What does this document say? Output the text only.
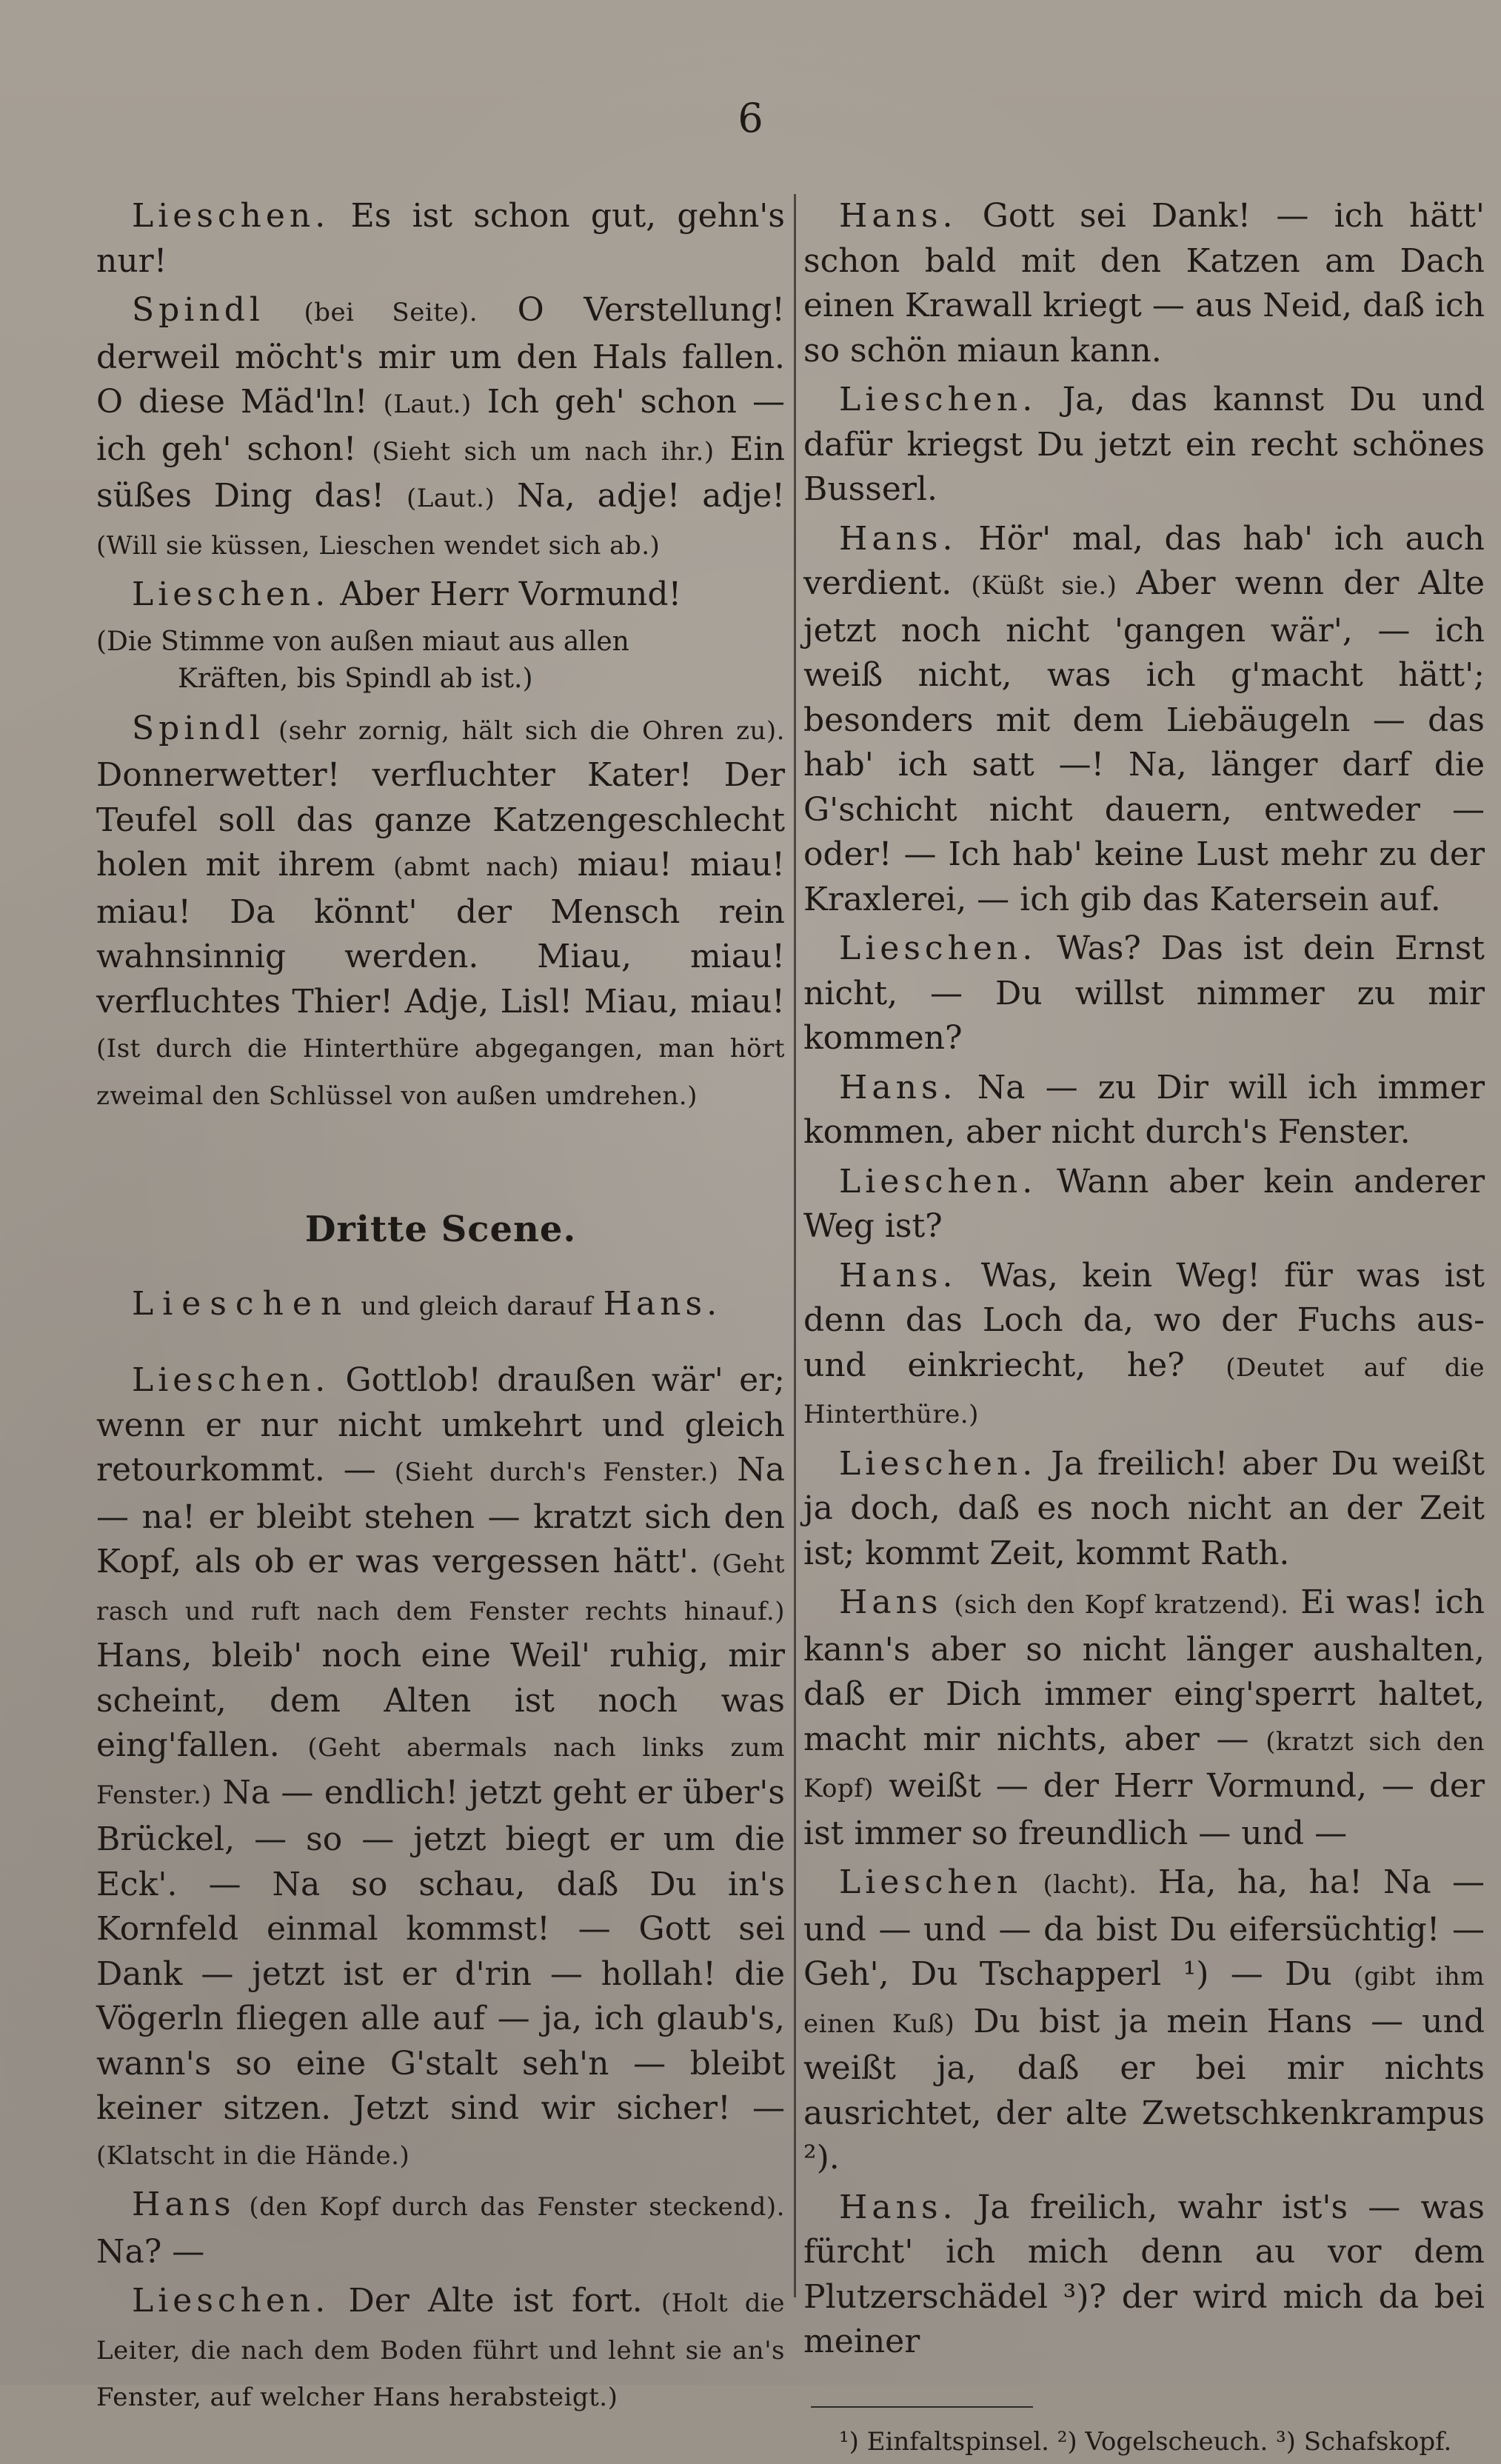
6

Lieschen. Es ist schon gut, gehn's nur!

Spindl (bei Seite). O Verstellung! derweil möcht's mir um den Hals fallen. O diese Mäd'ln! (Laut.) Ich geh' schon — ich geh' schon! (Sieht sich um nach ihr.) Ein süßes Ding das! (Laut.) Na, adje! adje! (Will sie küssen, Lieschen wendet sich ab.)

Lieschen. Aber Herr Vormund!

(Die Stimme von außen miaut aus allen
Kräften, bis Spindl ab ist.)

Spindl (sehr zornig, hält sich die Ohren zu). Donnerwetter! verfluchter Kater! Der Teufel soll das ganze Katzengeschlecht holen mit ihrem (abmt nach) miau! miau! miau! Da könnt' der Mensch rein wahnsinnig werden. Miau, miau! verfluchtes Thier! Adje, Lisl! Miau, miau! (Ist durch die Hinterthüre abgegangen, man hört zweimal den Schlüssel von außen umdrehen.)

Dritte Scene.

Lieschen und gleich darauf Hans.

Lieschen. Gottlob! draußen wär' er; wenn er nur nicht umkehrt und gleich retourkommt. — (Sieht durch's Fenster.) Na — na! er bleibt stehen — kratzt sich den Kopf, als ob er was vergessen hätt'. (Geht rasch und ruft nach dem Fenster rechts hinauf.) Hans, bleib' noch eine Weil' ruhig, mir scheint, dem Alten ist noch was eing'fallen. (Geht abermals nach links zum Fenster.) Na — endlich! jetzt geht er über's Brückel, — so — jetzt biegt er um die Eck'. — Na so schau, daß Du in's Kornfeld einmal kommst! — Gott sei Dank — jetzt ist er d'rin — hollah! die Vögerln fliegen alle auf — ja, ich glaub's, wann's so eine G'stalt seh'n — bleibt keiner sitzen. Jetzt sind wir sicher! — (Klatscht in die Hände.)

Hans (den Kopf durch das Fenster steckend). Na? —

Lieschen. Der Alte ist fort. (Holt die Leiter, die nach dem Boden führt und lehnt sie an's Fenster, auf welcher Hans herabsteigt.)

Hans. Gott sei Dank! — ich hätt' schon bald mit den Katzen am Dach einen Krawall kriegt — aus Neid, daß ich so schön miaun kann.

Lieschen. Ja, das kannst Du und dafür kriegst Du jetzt ein recht schönes Busserl.

Hans. Hör' mal, das hab' ich auch verdient. (Küßt sie.) Aber wenn der Alte jetzt noch nicht 'gangen wär', — ich weiß nicht, was ich g'macht hätt'; besonders mit dem Liebäugeln — das hab' ich satt —! Na, länger darf die G'schicht nicht dauern, entweder — oder! — Ich hab' keine Lust mehr zu der Kraxlerei, — ich gib das Katersein auf.

Lieschen. Was? Das ist dein Ernst nicht, — Du willst nimmer zu mir kommen?

Hans. Na — zu Dir will ich immer kommen, aber nicht durch's Fenster.

Lieschen. Wann aber kein anderer Weg ist?

Hans. Was, kein Weg! für was ist denn das Loch da, wo der Fuchs aus- und einkriecht, he? (Deutet auf die Hinterthüre.)

Lieschen. Ja freilich! aber Du weißt ja doch, daß es noch nicht an der Zeit ist; kommt Zeit, kommt Rath.

Hans (sich den Kopf kratzend). Ei was! ich kann's aber so nicht länger aushalten, daß er Dich immer eing'sperrt haltet, macht mir nichts, aber — (kratzt sich den Kopf) weißt — der Herr Vormund, — der ist immer so freundlich — und —

Lieschen (lacht). Ha, ha, ha! Na — und — und — da bist Du eifersüchtig! — Geh', Du Tschapperl ¹) — Du (gibt ihm einen Kuß) Du bist ja mein Hans — und weißt ja, daß er bei mir nichts ausrichtet, der alte Zwetschkenkrampus ²).

Hans. Ja freilich, wahr ist's — was fürcht' ich mich denn au vor dem Plutzerschädel ³)? der wird mich da bei meiner

¹) Einfaltspinsel. ²) Vogelscheuch. ³) Schafskopf.
